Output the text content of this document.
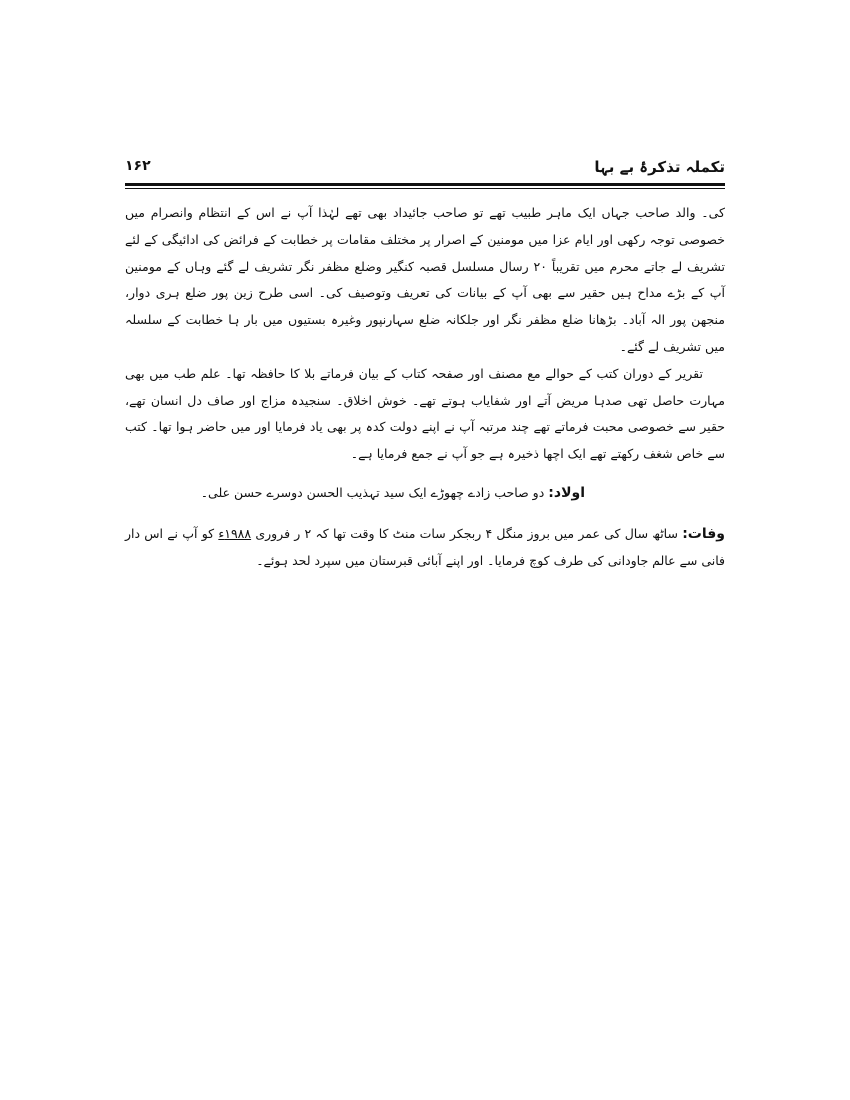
تکملہ تذکرۂ بے بہا
۱۶۲

کی۔ والد صاحب جہاں ایک ماہر طبیب تھے تو صاحب جائیداد بھی تھے لہٰذا آپ نے اس کے انتظام وانصرام میں خصوصی توجہ رکھی اور ایام عزا میں مومنین کے اصرار پر مختلف مقامات پر خطابت کے فرائض کی ادائیگی کے لئے تشریف لے جاتے محرم میں تقریباً ۲۰ رسال مسلسل قصبہ کنگیر وضلع مظفر نگر تشریف لے گئے وہاں کے مومنین آپ کے بڑے مداح ہیں حقیر سے بھی آپ کے بیانات کی تعریف وتوصیف کی۔ اسی طرح زین پور ضلع ہری دوار، منجھن پور الہ آباد۔ بڑھانا ضلع مظفر نگر اور جلکانہ ضلع سہارنپور وغیرہ بستیوں میں بار ہا خطابت کے سلسلہ میں تشریف لے گئے۔

تقریر کے دوران کتب کے حوالے مع مصنف اور صفحہ کتاب کے بیان فرماتے بلا کا حافظہ تھا۔ علم طب میں بھی مہارت حاصل تھی صدہا مریض آتے اور شفایاب ہوتے تھے۔ خوش اخلاق۔ سنجیدہ مزاج اور صاف دل انسان تھے، حقیر سے خصوصی محبت فرماتے تھے چند مرتبہ آپ نے اپنے دولت کدہ پر بھی یاد فرمایا اور میں حاضر ہوا تھا۔ کتب سے خاص شغف رکھتے تھے ایک اچھا ذخیرہ ہے جو آپ نے جمع فرمایا ہے۔

اولاد: دو صاحب زادے چھوڑے ایک سید تہذیب الحسن دوسرے حسن علی۔

وفات: ساٹھ سال کی عمر میں بروز منگل ۴ ربجکر سات منٹ کا وقت تھا کہ ۲ ر فروری ۱۹۸۸ء کو آپ نے اس دار فانی سے عالم جاودانی کی طرف کوچ فرمایا۔ اور اپنے آبائی قبرستان میں سپرد لحد ہوئے۔
